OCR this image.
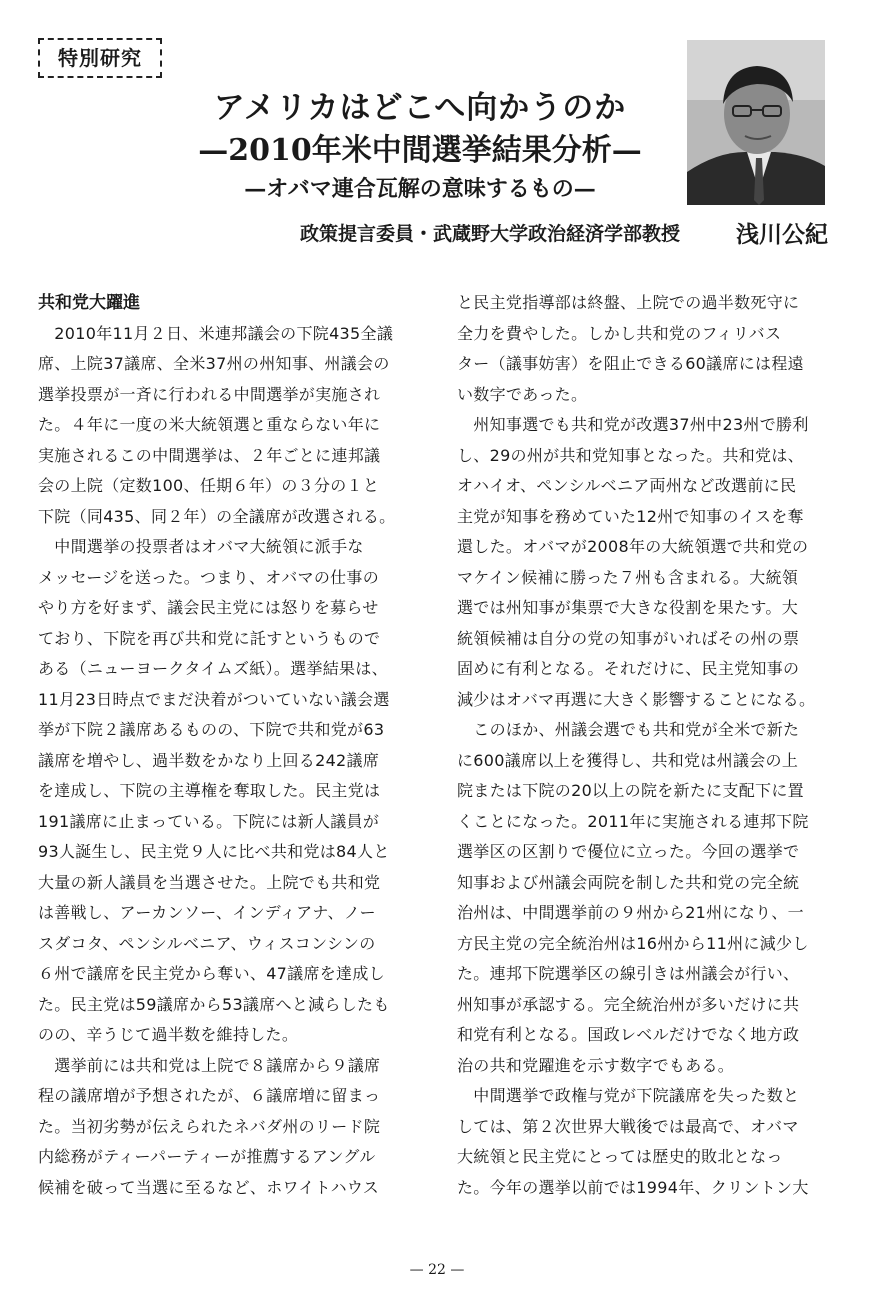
特別研究
アメリカはどこへ向かうのか
—2010年米中間選挙結果分析—
—オバマ連合瓦解の意味するもの—
政策提言委員・武蔵野大学政治経済学部教授 浅川公紀
共和党大躍進
　2010年11月２日、米連邦議会の下院435全議
席、上院37議席、全米37州の州知事、州議会の
選挙投票が一斉に行われる中間選挙が実施され
た。４年に一度の米大統領選と重ならない年に
実施されるこの中間選挙は、２年ごとに連邦議
会の上院（定数100、任期６年）の３分の１と
下院（同435、同２年）の全議席が改選される。
　中間選挙の投票者はオバマ大統領に派手な
メッセージを送った。つまり、オバマの仕事の
やり方を好まず、議会民主党には怒りを募らせ
ており、下院を再び共和党に託すというもので
ある（ニューヨークタイムズ紙）。選挙結果は、
11月23日時点でまだ決着がついていない議会選
挙が下院２議席あるものの、下院で共和党が63
議席を増やし、過半数をかなり上回る242議席
を達成し、下院の主導権を奪取した。民主党は
191議席に止まっている。下院には新人議員が
93人誕生し、民主党９人に比べ共和党は84人と
大量の新人議員を当選させた。上院でも共和党
は善戦し、アーカンソー、インディアナ、ノー
スダコタ、ペンシルベニア、ウィスコンシンの
６州で議席を民主党から奪い、47議席を達成し
た。民主党は59議席から53議席へと減らしたも
のの、辛うじて過半数を維持した。
　選挙前には共和党は上院で８議席から９議席
程の議席増が予想されたが、６議席増に留まっ
た。当初劣勢が伝えられたネバダ州のリード院
内総務がティーパーティーが推薦するアングル
候補を破って当選に至るなど、ホワイトハウス
と民主党指導部は終盤、上院での過半数死守に
全力を費やした。しかし共和党のフィリバス
ター（議事妨害）を阻止できる60議席には程遠
い数字であった。
　州知事選でも共和党が改選37州中23州で勝利
し、29の州が共和党知事となった。共和党は、
オハイオ、ペンシルベニア両州など改選前に民
主党が知事を務めていた12州で知事のイスを奪
還した。オバマが2008年の大統領選で共和党の
マケイン候補に勝った７州も含まれる。大統領
選では州知事が集票で大きな役割を果たす。大
統領候補は自分の党の知事がいればその州の票
固めに有利となる。それだけに、民主党知事の
減少はオバマ再選に大きく影響することになる。
　このほか、州議会選でも共和党が全米で新た
に600議席以上を獲得し、共和党は州議会の上
院または下院の20以上の院を新たに支配下に置
くことになった。2011年に実施される連邦下院
選挙区の区割りで優位に立った。今回の選挙で
知事および州議会両院を制した共和党の完全統
治州は、中間選挙前の９州から21州になり、一
方民主党の完全統治州は16州から11州に減少し
た。連邦下院選挙区の線引きは州議会が行い、
州知事が承認する。完全統治州が多いだけに共
和党有利となる。国政レベルだけでなく地方政
治の共和党躍進を示す数字でもある。
　中間選挙で政権与党が下院議席を失った数と
しては、第２次世界大戦後では最高で、オバマ
大統領と民主党にとっては歴史的敗北となっ
た。今年の選挙以前では1994年、クリントン大
— 22 —
